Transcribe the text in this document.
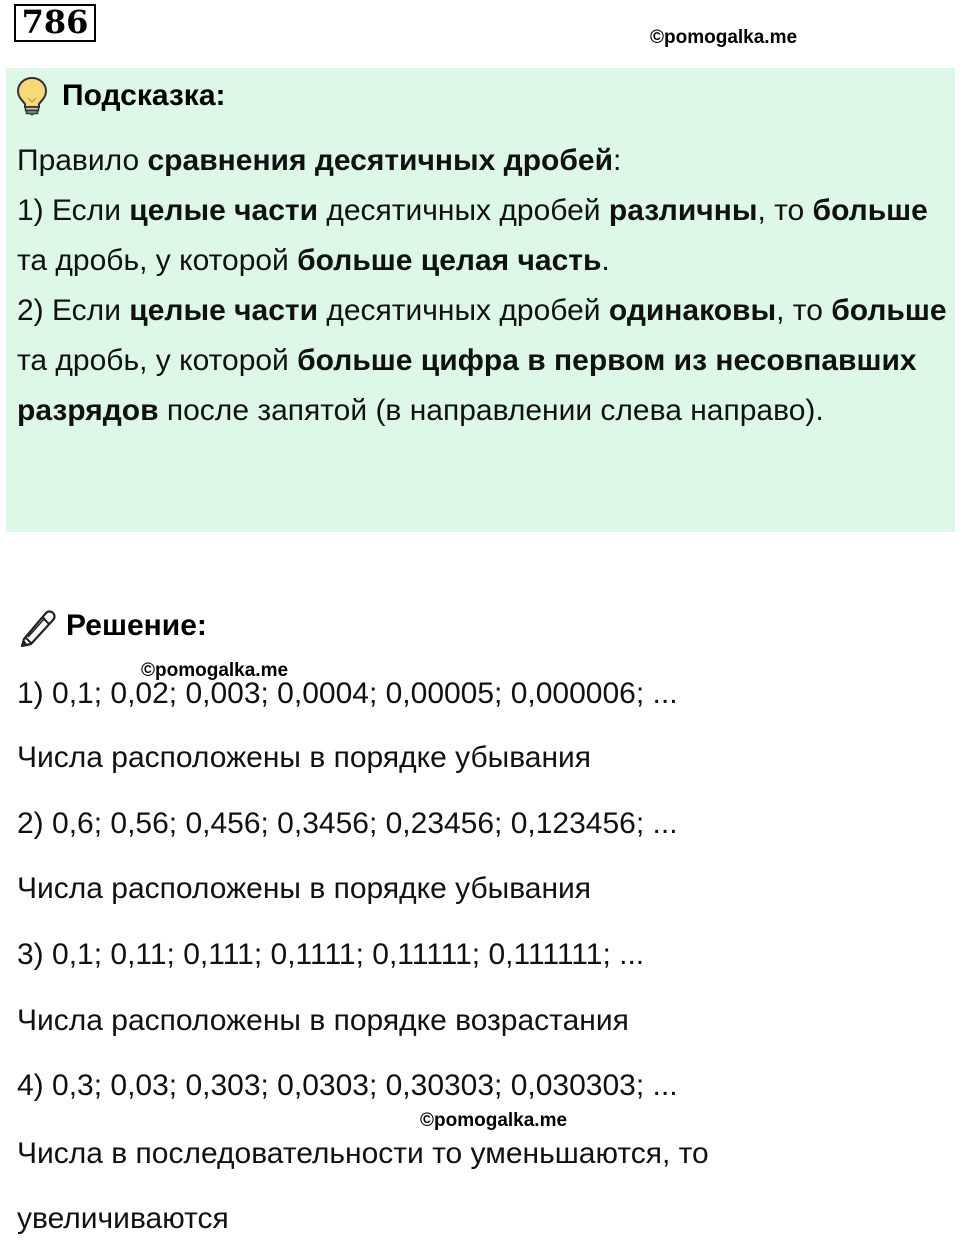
786	©pomogalka.me
Подсказка:

Правило сравнения десятичных дробей:

1) Если целые части десятичных дробей различны, то больше та дробь, у которой больше целая часть.

2) Если целые части десятичных дробей одинаковы, то больше та дробь, у которой больше цифра в первом из несовпавших разрядов после запятой (в направлении слева направо).

Решение:
©pomogalka.me
1) 0,1; 0,02; 0,003; 0,0004; 0,00005; 0,000006; ...
Числа расположены в порядке убывания
2) 0,6; 0,56; 0,456; 0,3456; 0,23456; 0,123456; ...
Числа расположены в порядке убывания
3) 0,1; 0,11; 0,111; 0,1111; 0,11111; 0,111111; ...
Числа расположены в порядке возрастания
4) 0,3; 0,03; 0,303; 0,0303; 0,30303; 0,030303; ...
©pomogalka.me
Числа в последовательности то уменьшаются, то
увеличиваются
